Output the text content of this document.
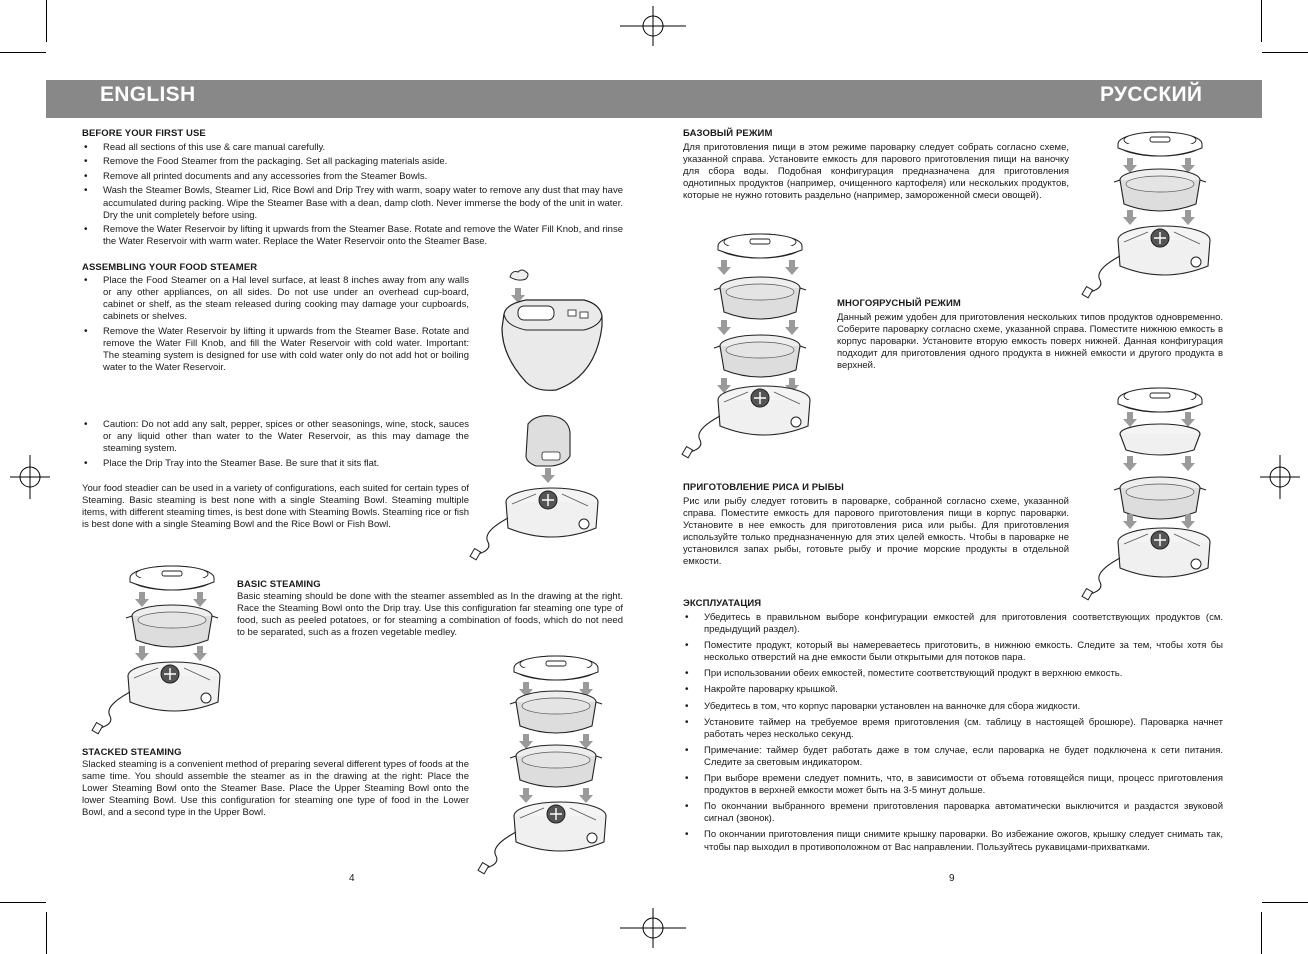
ENGLISH	РУССКИЙ
BEFORE YOUR FIRST USE
• Read all sections of this use & care manual carefully.
• Remove the Food Steamer from the packaging. Set all packaging materials aside.
• Remove all printed documents and any accessories from the Steamer Bowls.
• Wash the Steamer Bowls, Steamer Lid, Rice Bowl and Drip Trey with warm, soapy water to remove any dust that may have accumulated during packing. Wipe the Steamer Base with a dean, damp cloth. Never immerse the body of the unit in water. Dry the unit completely before using.
• Remove the Water Reservoir by lifting it upwards from the Steamer Base. Rotate and remove the Water Fill Knob, and rinse the Water Reservoir with warm water. Replace the Water Reservoir onto the Steamer Base.
ASSEMBLING YOUR FOOD STEAMER
• Place the Food Steamer on a Hal level surface, at least 8 inches away from any walls or any other appliances, on all sides. Do not use under an overhead cup-board, cabinet or shelf, as the steam released during cooking may damage your cupboards, cabinets or shelves.
• Remove the Water Reservoir by lifting it upwards from the Steamer Base. Rotate and remove the Water Fill Knob, and fill the Water Reservoir with cold water. Important: The steaming system is designed for use with cold water only do not add hot or boiling water to the Water Reservoir.
• Caution: Do not add any salt, pepper, spices or other seasonings, wine, stock, sauces or any liquid other than water to the Water Reservoir, as this may damage the steaming system.
• Place the Drip Tray into the Steamer Base. Be sure that it sits flat.
Your food steadier can be used in a variety of configurations, each suited for certain types of Steaming. Basic steaming is best none with a single Steaming Bowl. Steaming multiple items, with different steaming times, is best done with Steaming Bowls. Steaming rice or fish is best done with a single Steaming Bowl and the Rice Bowl or Fish Bowl.
BASIC STEAMING
Basic steaming should be done with the steamer assembled as In the drawing at the right. Race the Steaming Bowl onto the Drip tray. Use this configuration far steaming one type of food, such as peeled potatoes, or for steaming a combination of foods, which do not need to be separated, such as a frozen vegetable medley.
STACKED STEAMING
Slacked steaming is a convenient method of preparing several different types of foods at the same time. You should assemble the steamer as in the drawing at the right: Place the Lower Steaming Bowl onto the Steamer Base. Place the Upper Steaming Bowl onto the lower Steaming Bowl. Use this configuration for steaming one type of food in the Lower Bowl, and a second type in the Upper Bowl.
4
БАЗОВЫЙ РЕЖИМ
Для приготовления пищи в этом режиме пароварку следует собрать согласно схеме, указанной справа. Установите емкость для парового приготовления пищи на ваночку для сбора воды. Подобная конфигурация предназначена для приготовления однотипных продуктов (например, очищенного картофеля) или нескольких продуктов, которые не нужно готовить раздельно (например, замороженной смеси овощей).
МНОГОЯРУСНЫЙ РЕЖИМ
Данный режим удобен для приготовления нескольких типов продуктов одновременно. Соберите пароварку согласно схеме, указанной справа. Поместите нижнюю емкость в корпус пароварки. Установите вторую емкость поверх нижней. Данная конфигурация подходит для приготовления одного продукта в нижней емкости и другого продукта в верхней.
ПРИГОТОВЛЕНИЕ РИСА И РЫБЫ
Рис или рыбу следует готовить в пароварке, собранной согласно схеме, указанной справа. Поместите емкость для парового приготовления пищи в корпус пароварки. Установите в нее емкость для приготовления риса или рыбы. Для приготовления используйте только предназначенную для этих целей емкость. Чтобы в пароварке не установился запах рыбы, готовьте рыбу и прочие морские продукты в отдельной емкости.
ЭКСПЛУАТАЦИЯ
• Убедитесь в правильном выборе конфигурации емкостей для приготовления соответствующих продуктов (см. предыдущий раздел).
• Поместите продукт, который вы намереваетесь приготовить, в нижнюю емкость. Следите за тем, чтобы хотя бы несколько отверстий на дне емкости были открытыми для потоков пара.
• При использовании обеих емкостей, поместите соответствующий продукт в верхнюю емкость.
• Накройте пароварку крышкой.
• Убедитесь в том, что корпус пароварки установлен на ванночке для сбора жидкости.
• Установите таймер на требуемое время приготовления (см. таблицу в настоящей брошюре). Пароварка начнет работать через несколько секунд.
• Примечание: таймер будет работать даже в том случае, если пароварка не будет подключена к сети питания. Следите за световым индикатором.
• При выборе времени следует помнить, что, в зависимости от объема готовящейся пищи, процесс приготовления продуктов в верхней емкости может быть на 3-5 минут дольше.
• По окончании выбранного времени приготовления пароварка автоматически выключится и раздастся звуковой сигнал (звонок).
• По окончании приготовления пищи снимите крышку пароварки. Во избежание ожогов, крышку следует снимать так, чтобы пар выходил в противоположном от Вас направлении. Пользуйтесь рукавицами-прихватками.
9
